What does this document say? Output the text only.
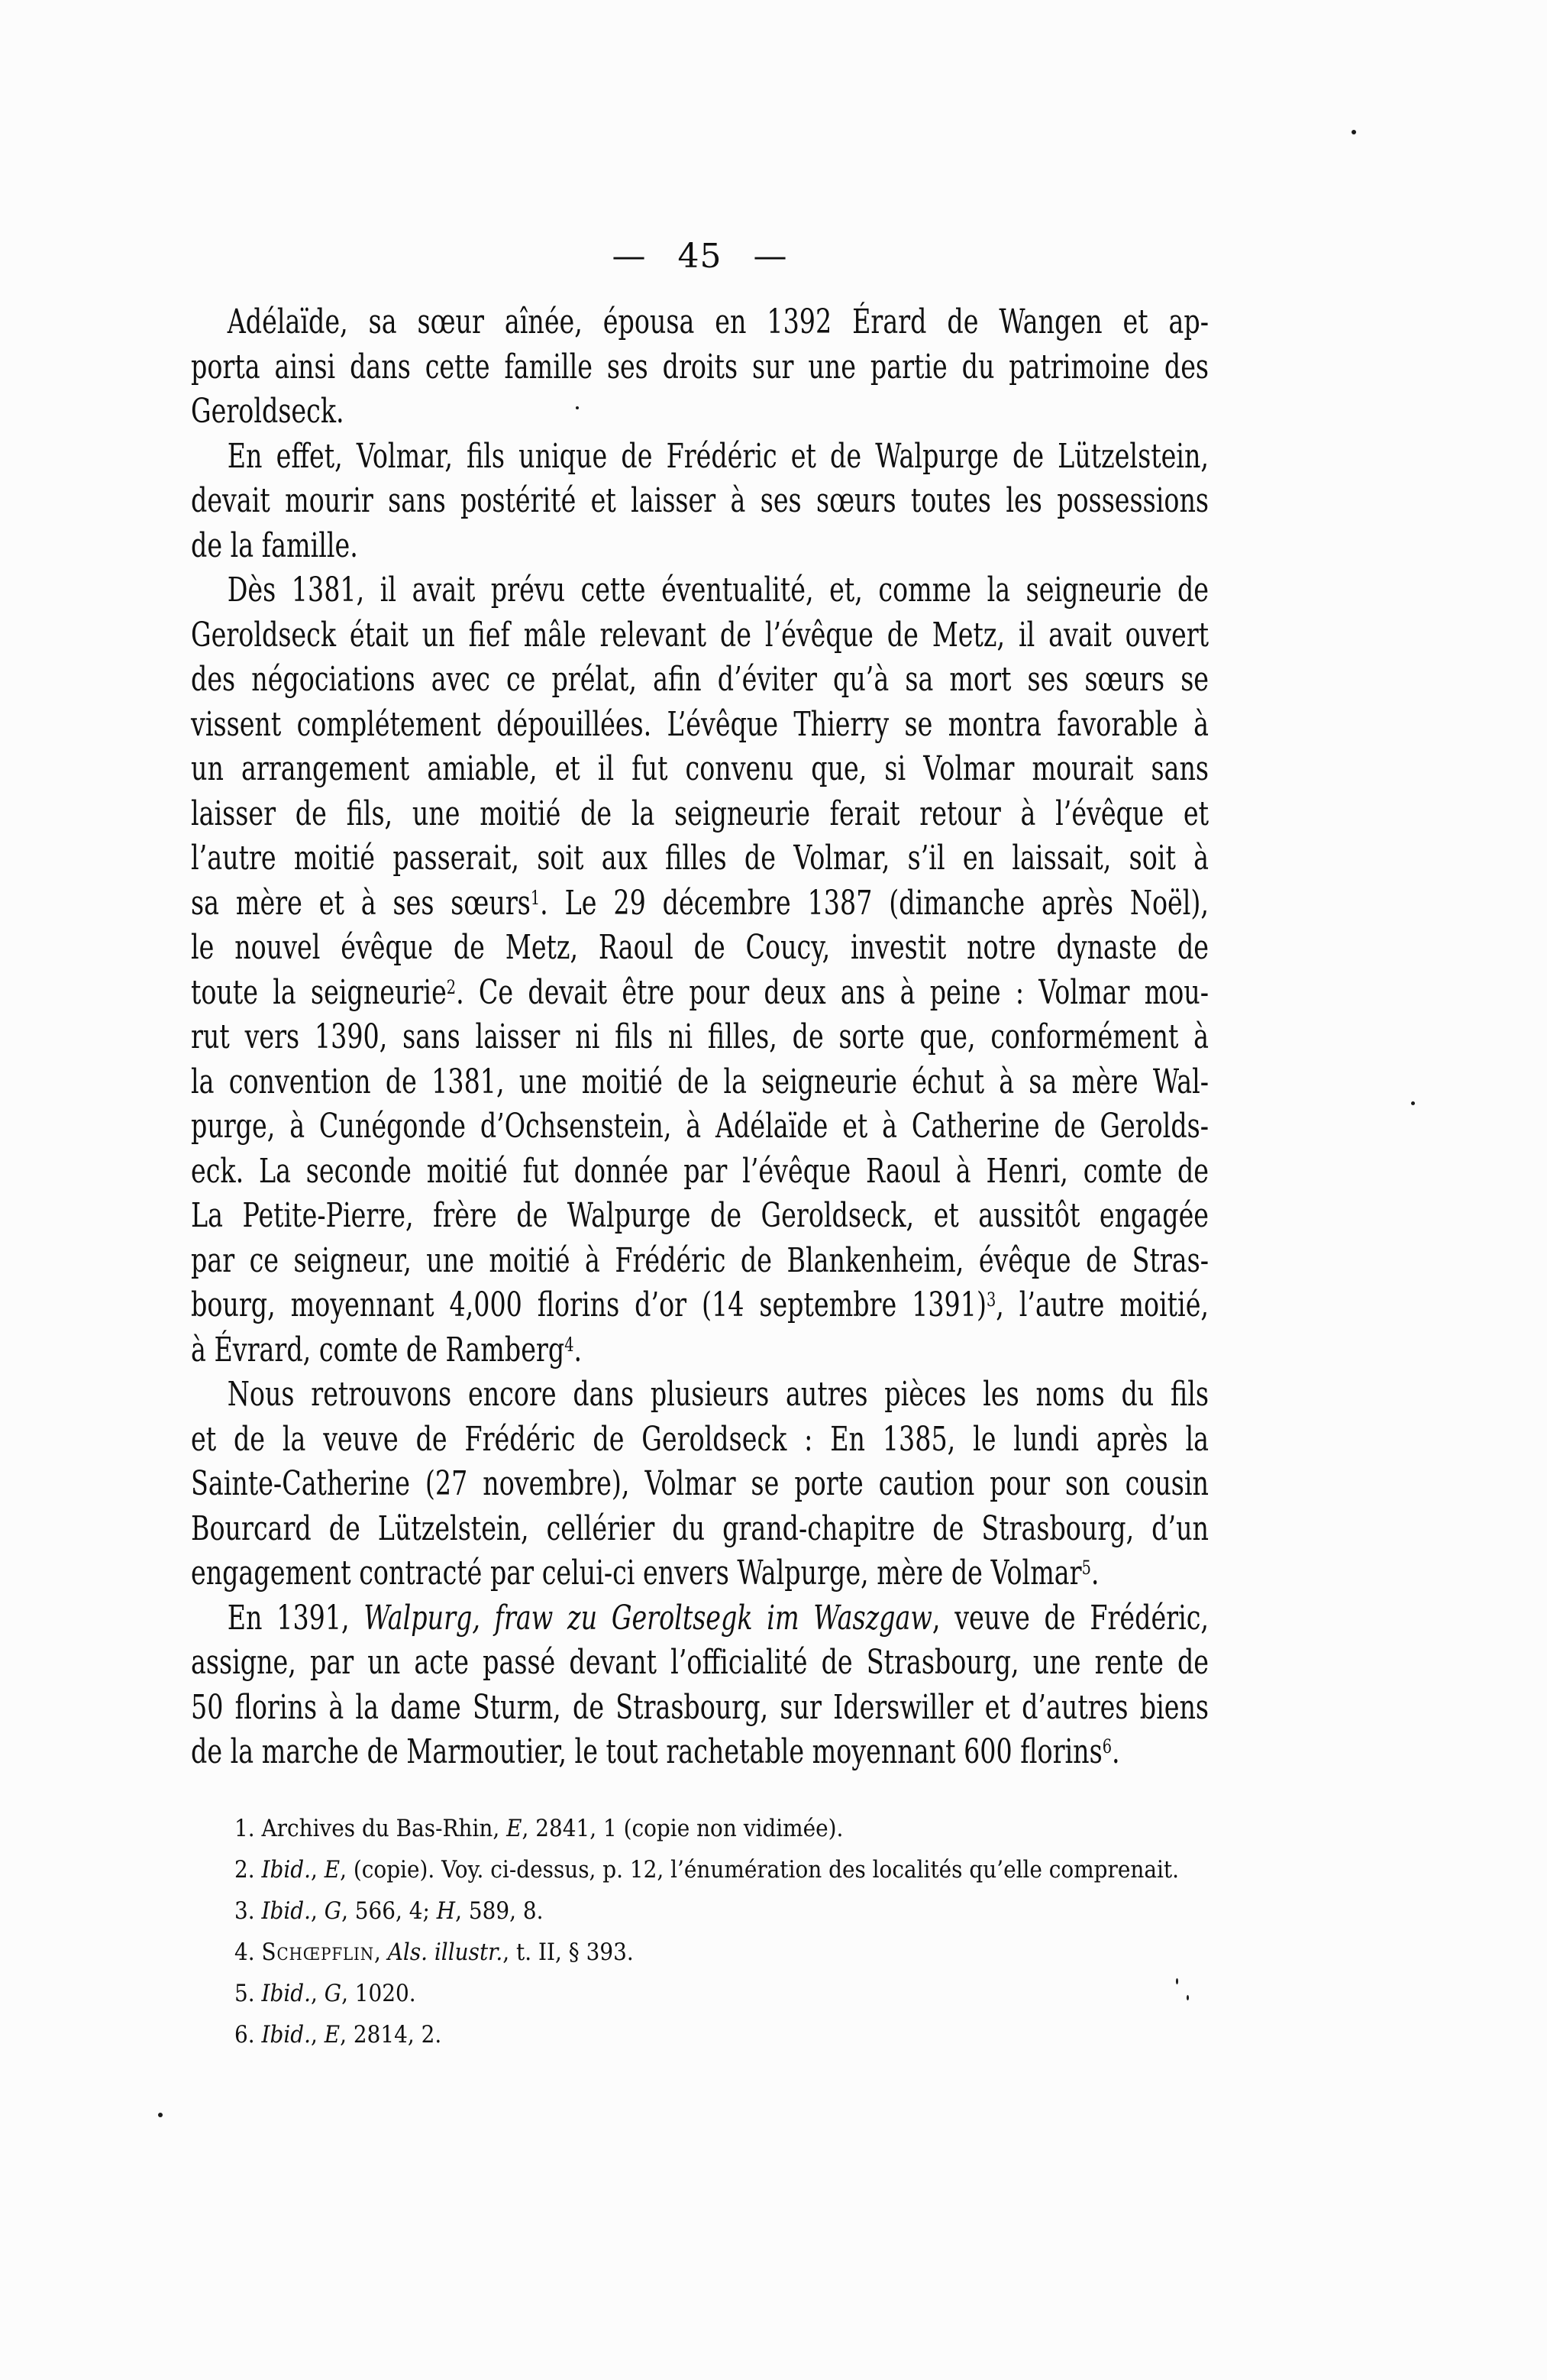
— 45 —
Adélaïde, sa sœur aînée, épousa en 1392 Érard de Wangen et ap-
porta ainsi dans cette famille ses droits sur une partie du patrimoine des
Geroldseck.
En effet, Volmar, fils unique de Frédéric et de Walpurge de Lützelstein,
devait mourir sans postérité et laisser à ses sœurs toutes les possessions
de la famille.
Dès 1381, il avait prévu cette éventualité, et, comme la seigneurie de
Geroldseck était un fief mâle relevant de l’évêque de Metz, il avait ouvert
des négociations avec ce prélat, afin d’éviter qu’à sa mort ses sœurs se
vissent complétement dépouillées. L’évêque Thierry se montra favorable à
un arrangement amiable, et il fut convenu que, si Volmar mourait sans
laisser de fils, une moitié de la seigneurie ferait retour à l’évêque et
l’autre moitié passerait, soit aux filles de Volmar, s’il en laissait, soit à
sa mère et à ses sœurs$^1$. Le 29 décembre 1387 (dimanche après Noël),
le nouvel évêque de Metz, Raoul de Coucy, investit notre dynaste de
toute la seigneurie$^2$. Ce devait être pour deux ans à peine : Volmar mou-
rut vers 1390, sans laisser ni fils ni filles, de sorte que, conformément à
la convention de 1381, une moitié de la seigneurie échut à sa mère Wal-
purge, à Cunégonde d’Ochsenstein, à Adélaïde et à Catherine de Gerolds-
eck. La seconde moitié fut donnée par l’évêque Raoul à Henri, comte de
La Petite-Pierre, frère de Walpurge de Geroldseck, et aussitôt engagée
par ce seigneur, une moitié à Frédéric de Blankenheim, évêque de Stras-
bourg, moyennant 4,000 florins d’or (14 septembre 1391)$^3$, l’autre moitié,
à Évrard, comte de Ramberg$^4$.
Nous retrouvons encore dans plusieurs autres pièces les noms du fils
et de la veuve de Frédéric de Geroldseck : En 1385, le lundi après la
Sainte-Catherine (27 novembre), Volmar se porte caution pour son cousin
Bourcard de Lützelstein, cellérier du grand-chapitre de Strasbourg, d’un
engagement contracté par celui-ci envers Walpurge, mère de Volmar$^5$.
En 1391, Walpurg, fraw zu Geroltsegk im Waszgaw, veuve de Frédéric,
assigne, par un acte passé devant l’officialité de Strasbourg, une rente de
50 florins à la dame Sturm, de Strasbourg, sur Iderswiller et d’autres biens
de la marche de Marmoutier, le tout rachetable moyennant 600 florins$^6$.
1. Archives du Bas-Rhin, E, 2841, 1 (copie non vidimée).
2. Ibid., E, (copie). Voy. ci-dessus, p. 12, l’énumération des localités qu’elle comprenait.
3. Ibid., G, 566, 4; H, 589, 8.
4. Schœpflin, Als. illustr., t. II, § 393.
5. Ibid., G, 1020.
6. Ibid., E, 2814, 2.
